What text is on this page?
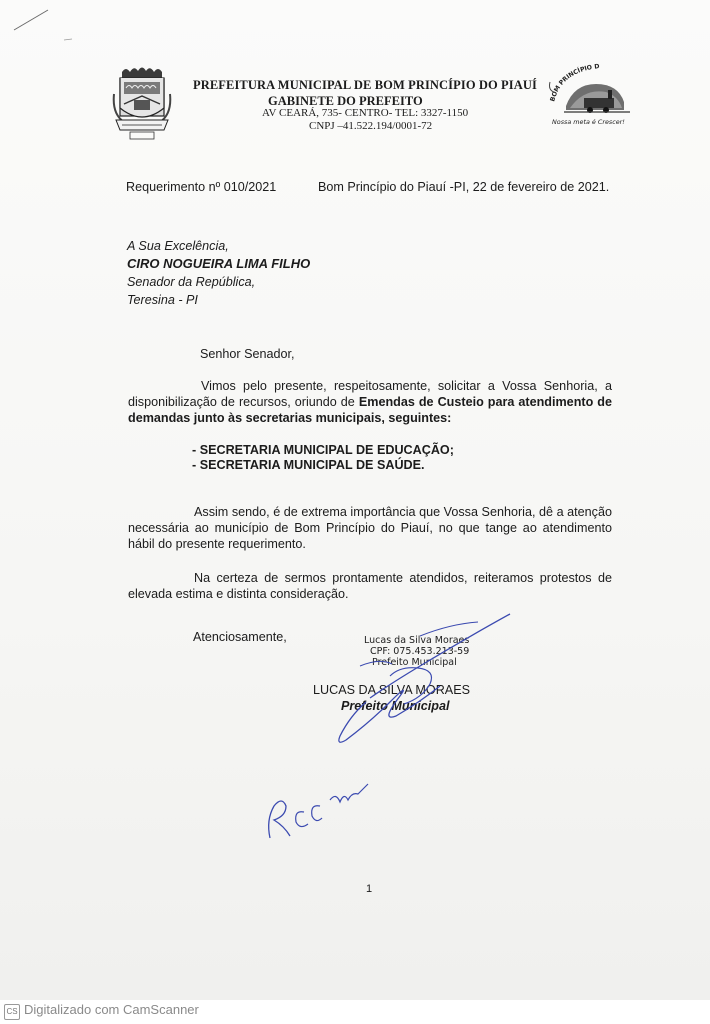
PREFEITURA MUNICIPAL DE BOM PRINCÍPIO DO PIAUÍ
GABINETE DO PREFEITO
AV CEARÁ, 735- CENTRO- TEL: 3327-1150
CNPJ –41.522.194/0001-72
BOM PRINCÍPIO D
Nossa meta é Crescer!
Requerimento nº 010/2021	Bom Princípio do Piauí -PI, 22 de fevereiro de 2021.
A Sua Excelência,
CIRO NOGUEIRA LIMA FILHO
Senador da República,
Teresina - PI
Senhor Senador,
Vimos pelo presente, respeitosamente, solicitar a Vossa Senhoria, a disponibilização de recursos, oriundo de Emendas de Custeio para atendimento de demandas junto às secretarias municipais, seguintes:
- SECRETARIA MUNICIPAL DE EDUCAÇÃO;
- SECRETARIA MUNICIPAL DE SAÚDE.
Assim sendo, é de extrema importância que Vossa Senhoria, dê a atenção necessária ao município de Bom Princípio do Piauí, no que tange ao atendimento hábil do presente requerimento.
Na certeza de sermos prontamente atendidos, reiteramos protestos de elevada estima e distinta consideração.
Atenciosamente,	Lucas da Silva Moraes
CPF: 075.453.213-59
Prefeito Municipal
LUCAS DA SILVA MORAES
Prefeito Municipal
1
CS Digitalizado com CamScanner
